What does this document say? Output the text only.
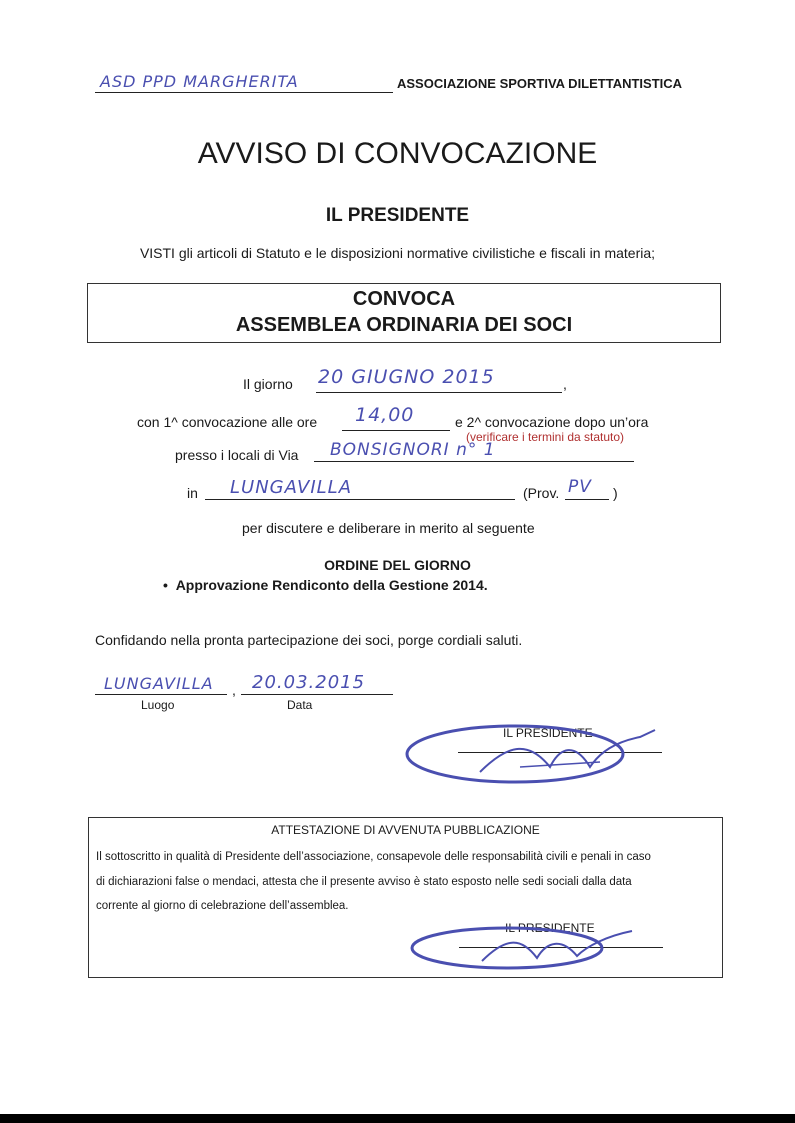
ASD PPD MARGHERITA	ASSOCIAZIONE SPORTIVA DILETTANTISTICA
AVVISO DI CONVOCAZIONE
IL PRESIDENTE
VISTI gli articoli di Statuto e le disposizioni normative civilistiche e fiscali in materia;
CONVOCA
ASSEMBLEA ORDINARIA DEI SOCI
Il giorno 20 GIUGNO 2015	,
con 1^ convocazione alle ore 14,00	e 2^ convocazione dopo un’ora
(verificare i termini da statuto)
presso i locali di Via BONSIGNORI n° 1
in LUNGAVILLA	(Prov. PV )
per discutere e deliberare in merito al seguente
ORDINE DEL GIORNO
• Approvazione Rendiconto della Gestione 2014.
Confidando nella pronta partecipazione dei soci, porge cordiali saluti.
LUNGAVILLA , 20.03.2015
Luogo	Data
IL PRESIDENTE
ATTESTAZIONE DI AVVENUTA PUBBLICAZIONE
Il sottoscritto in qualità di Presidente dell’associazione, consapevole delle responsabilità civili e penali in caso
di dichiarazioni false o mendaci, attesta che il presente avviso è stato esposto nelle sedi sociali dalla data
corrente al giorno di celebrazione dell’assemblea.
IL PRESIDENTE
